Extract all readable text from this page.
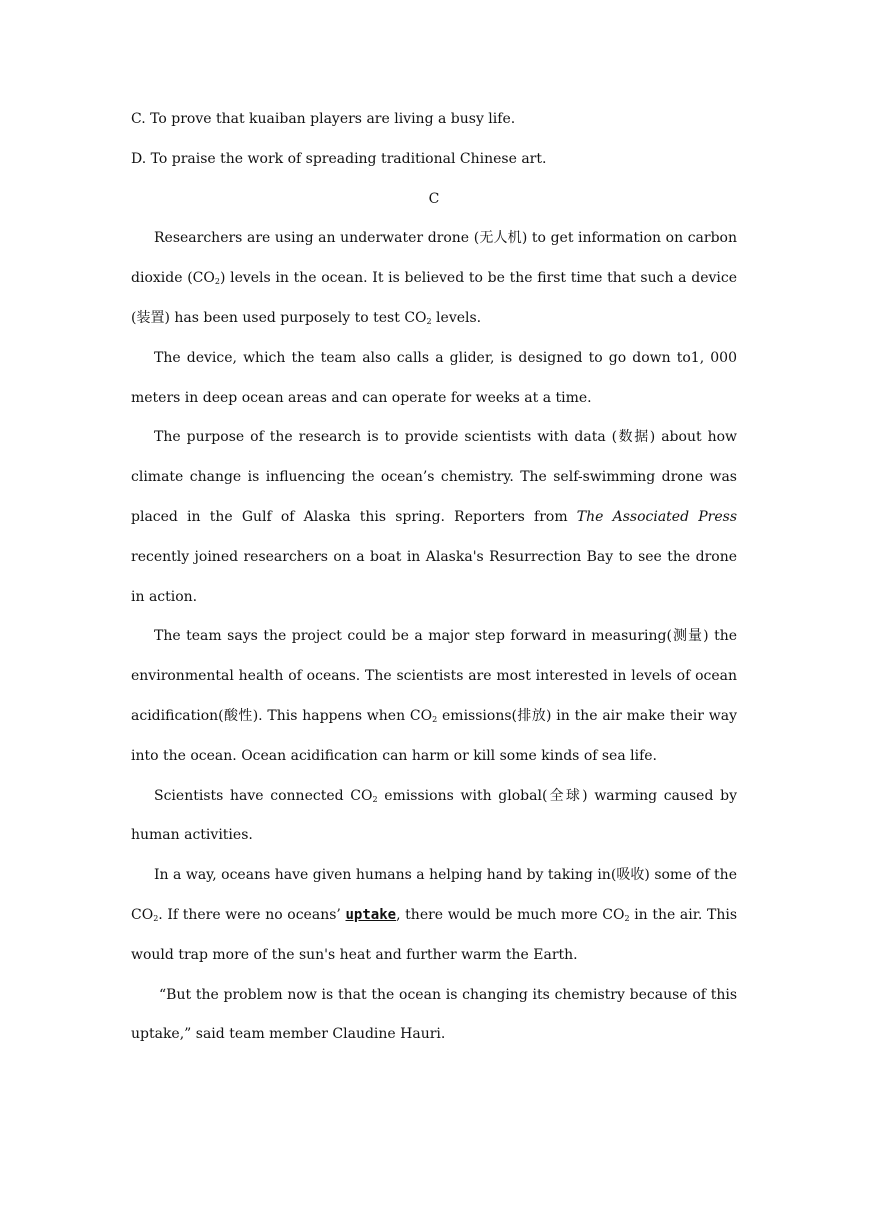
C. To prove that kuaiban players are living a busy life.
D. To praise the work of spreading traditional Chinese art.
C
Researchers are using an underwater drone (无人机) to get information on carbon dioxide $(CO_2)$ levels in the ocean. It is believed to be the first time that such a device (装置) has been used purposely to test $CO_2$ levels.
The device, which the team also calls a glider, is designed to go down to1, 000 meters in deep ocean areas and can operate for weeks at a time.
The purpose of the research is to provide scientists with data (数据) about how climate change is influencing the ocean’s chemistry. The self-swimming drone was placed in the Gulf of Alaska this spring. Reporters from The Associated Press recently joined researchers on a boat in Alaska's Resurrection Bay to see the drone in action.
The team says the project could be a major step forward in measuring(测量) the environmental health of oceans. The scientists are most interested in levels of ocean acidification(酸性). This happens when $CO_2$ emissions(排放) in the air make their way into the ocean. Ocean acidification can harm or kill some kinds of sea life.
Scientists have connected $CO_2$ emissions with global(全球) warming caused by human activities.
In a way, oceans have given humans a helping hand by taking in(吸收) some of the $CO_2$. If there were no oceans’ uptake, there would be much more $CO_2$ in the air. This would trap more of the sun's heat and further warm the Earth.
“But the problem now is that the ocean is changing its chemistry because of this uptake,” said team member Claudine Hauri.
